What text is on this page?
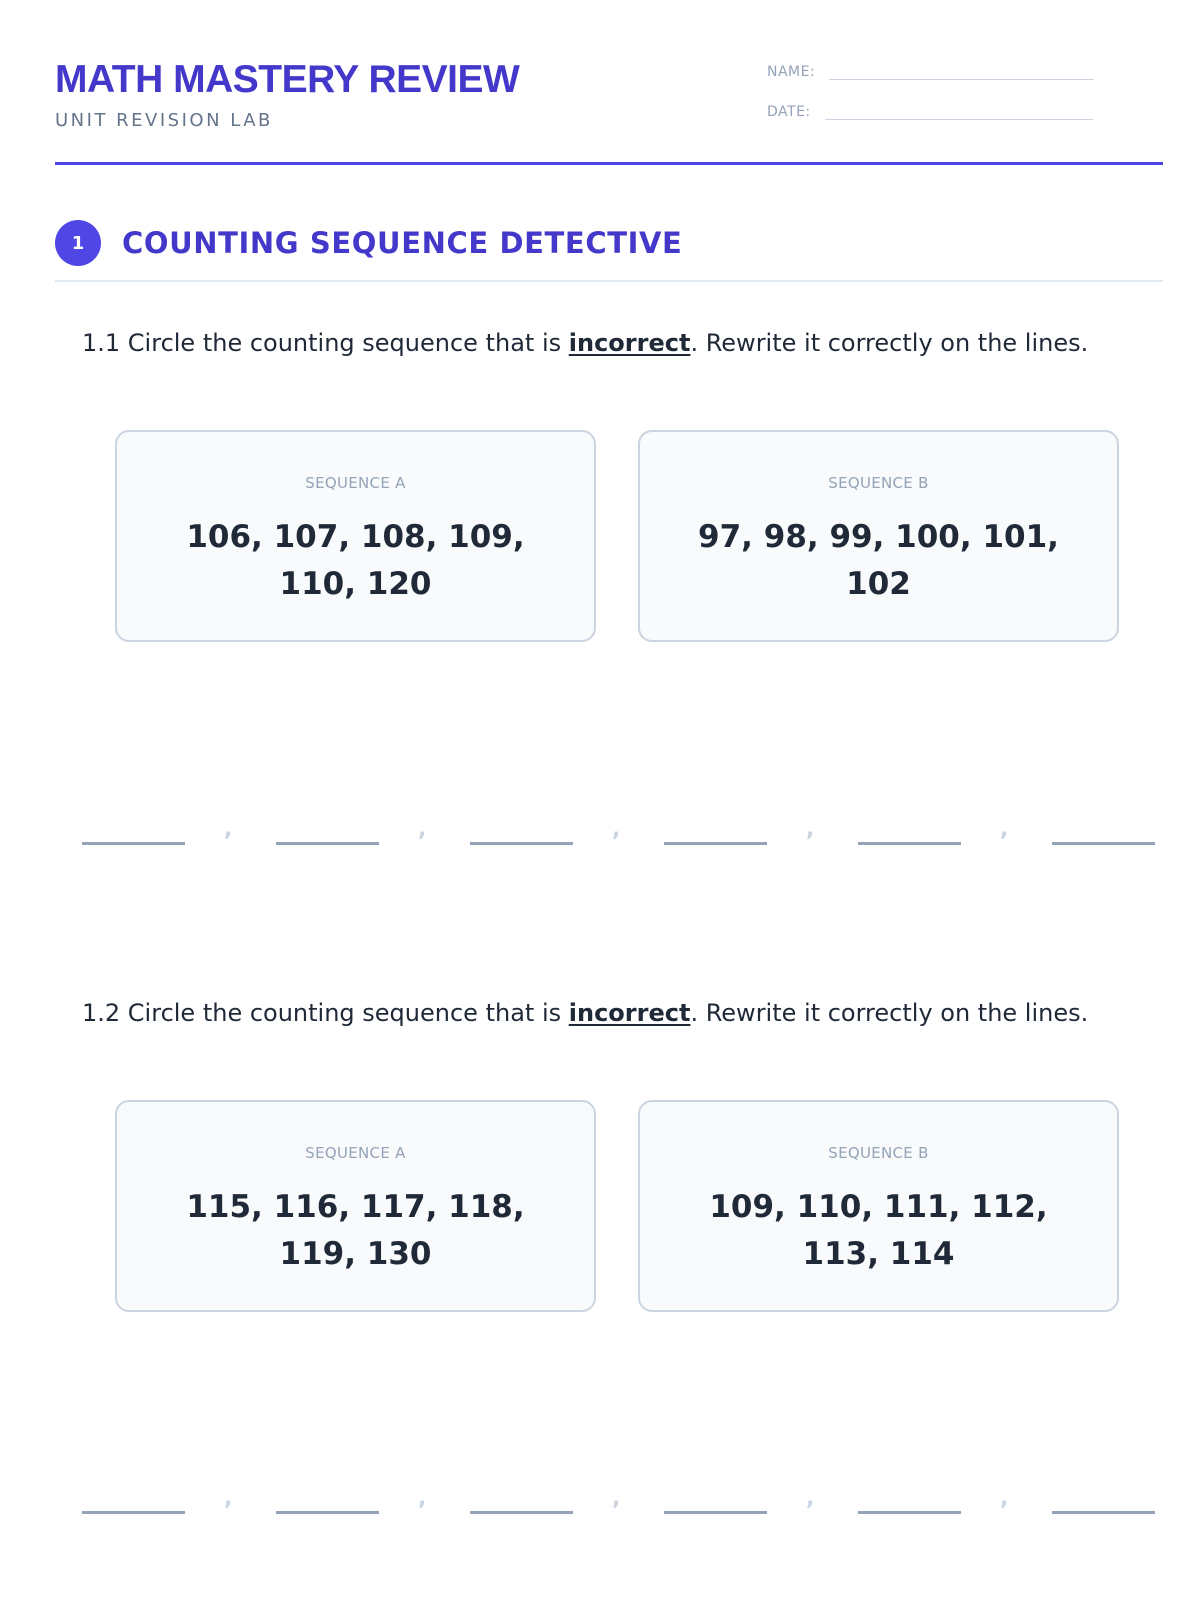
MATH MASTERY REVIEW
UNIT REVISION LAB
NAME:
DATE:
1	COUNTING SEQUENCE DETECTIVE
1.1 Circle the counting sequence that is incorrect. Rewrite it correctly on the lines.
SEQUENCE A
106, 107, 108, 109, 110, 120
SEQUENCE B
97, 98, 99, 100, 101, 102
,	,	,	,	,
1.2 Circle the counting sequence that is incorrect. Rewrite it correctly on the lines.
SEQUENCE A
115, 116, 117, 118, 119, 130
SEQUENCE B
109, 110, 111, 112, 113, 114
,	,	,	,	,
